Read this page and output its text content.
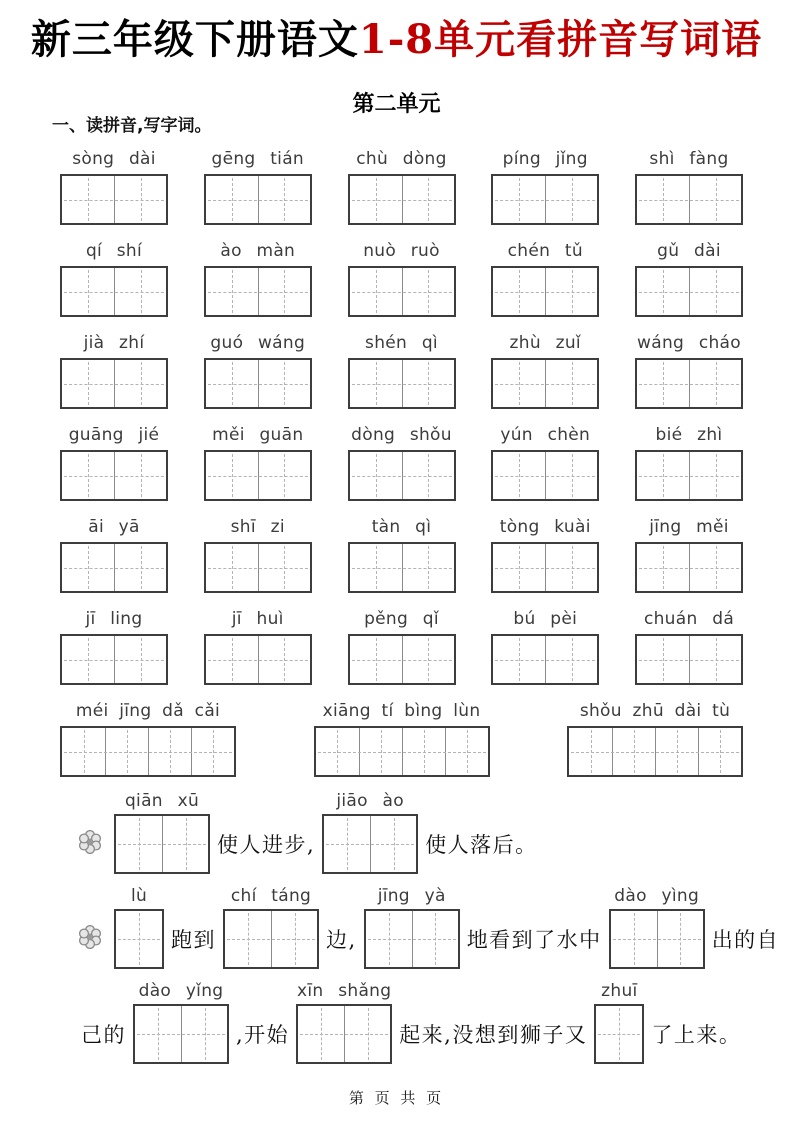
新三年级下册语文1-8单元看拼音写词语
第二单元
一、读拼音,写字词。
sòng dài	gēng tián	chù dòng	píng jǐng	shì fàng
qí shí	ào màn	nuò ruò	chén tǔ	gǔ dài
jià zhí	guó wáng	shén qì	zhù zuǐ	wáng cháo
guāng jié	měi guān	dòng shǒu	yún chèn	bié zhì
āi yā	shī zi	tàn qì	tòng kuài	jīng měi
jī ling	jī huì	pěng qǐ	bú pèi	chuán dá
méi jīng dǎ cǎi	xiāng tí bìng lùn	shǒu zhū dài tù
qiān xū
使人进步,
jiāo ào
使人落后。
lù
跑到
chí táng
边,
jīng yà
地看到了水中
dào yìng
出的自
己的
dào yǐng
,开始
xīn shǎng
起来,没想到狮子又
zhuī
了上来。
第 页 共 页
